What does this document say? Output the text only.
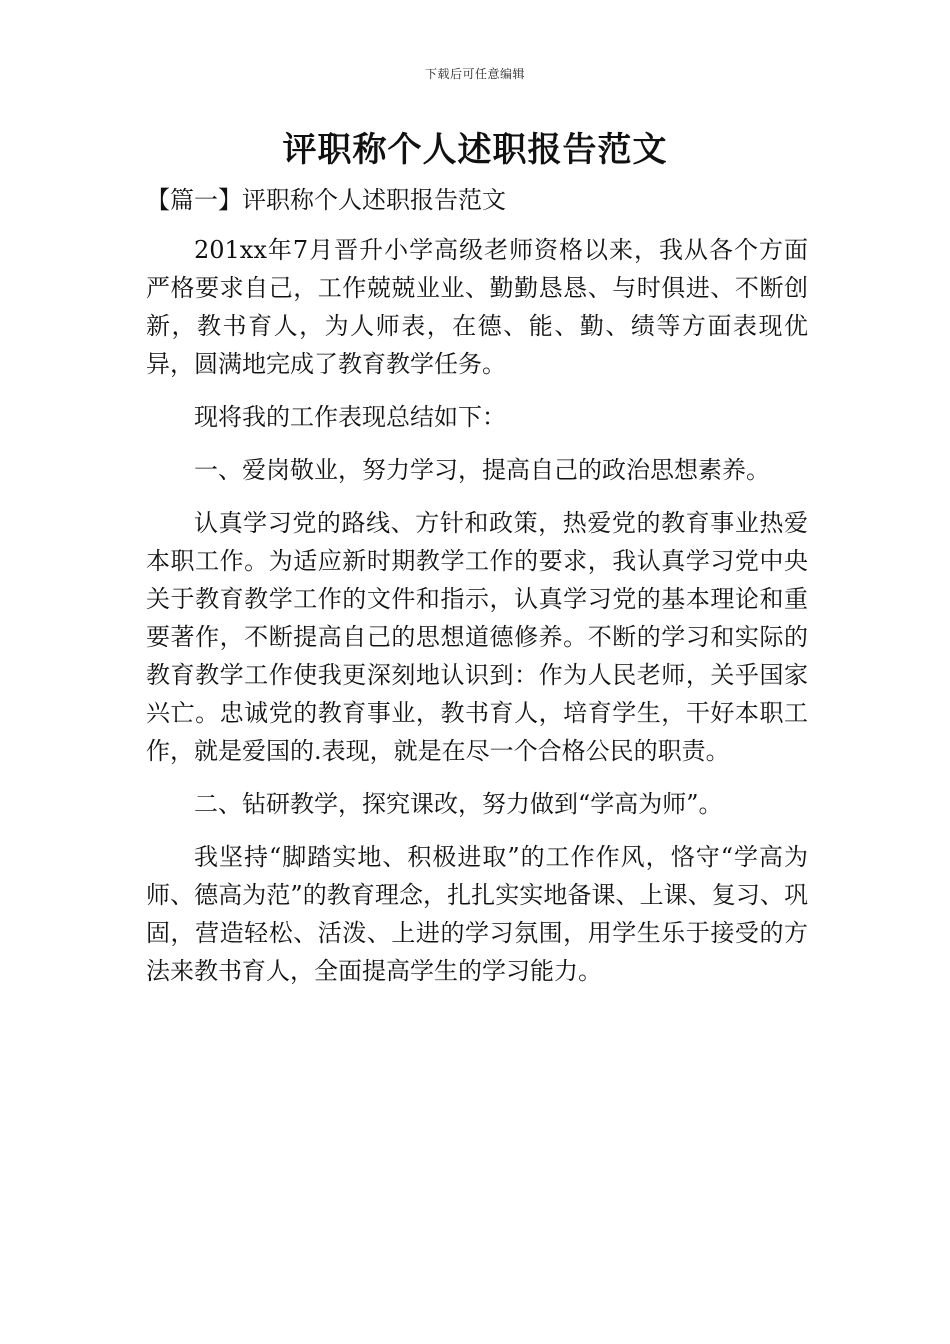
下载后可任意编辑
评职称个人述职报告范文
【篇一】评职称个人述职报告范文

201xx年7月晋升小学高级老师资格以来，我从各个方面严格要求自己，工作兢兢业业、勤勤恳恳、与时俱进、不断创新，教书育人，为人师表，在德、能、勤、绩等方面表现优异，圆满地完成了教育教学任务。

现将我的工作表现总结如下：

一、爱岗敬业，努力学习，提高自己的政治思想素养。

认真学习党的路线、方针和政策，热爱党的教育事业热爱本职工作。为适应新时期教学工作的要求，我认真学习党中央关于教育教学工作的文件和指示，认真学习党的基本理论和重要著作，不断提高自己的思想道德修养。不断的学习和实际的教育教学工作使我更深刻地认识到：作为人民老师，关乎国家兴亡。忠诚党的教育事业，教书育人，培育学生，干好本职工作，就是爱国的.表现，就是在尽一个合格公民的职责。

二、钻研教学，探究课改，努力做到“学高为师”。

我坚持“脚踏实地、积极进取”的工作作风，恪守“学高为师、德高为范”的教育理念，扎扎实实地备课、上课、复习、巩固，营造轻松、活泼、上进的学习氛围，用学生乐于接受的方法来教书育人，全面提高学生的学习能力。
